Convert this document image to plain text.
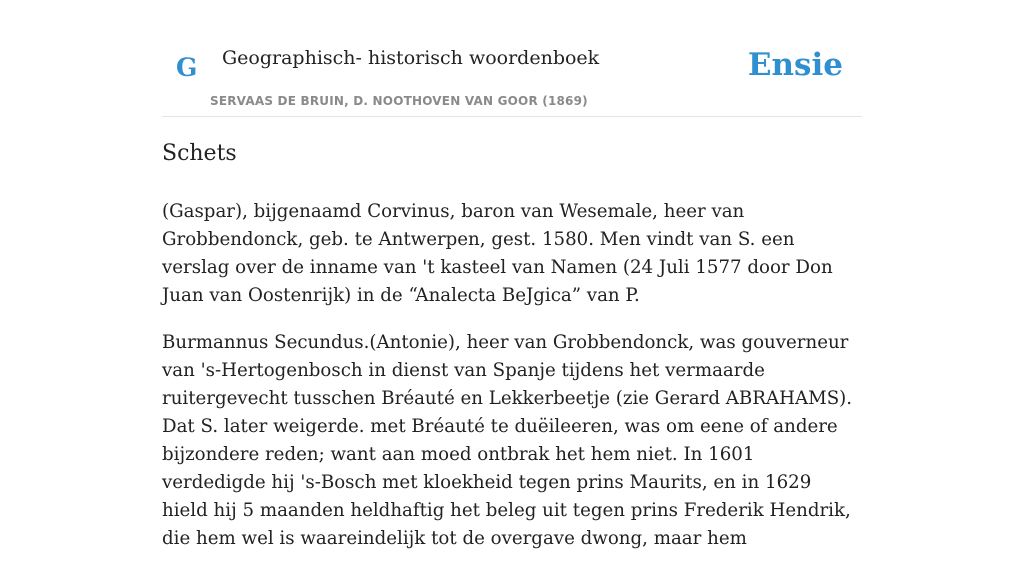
G Geographisch- historisch woordenboek
SERVAAS DE BRUIN, D. NOOTHOVEN VAN GOOR (1869)
Ensie
Schets

(Gaspar), bijgenaamd Corvinus, baron van Wesemale, heer van Grobbendonck, geb. te Antwerpen, gest. 1580. Men vindt van S. een verslag over de inname van 't kasteel van Namen (24 Juli 1577 door Don Juan van Oostenrijk) in de “Analecta BeJgica” van P.

Burmannus Secundus.(Antonie), heer van Grobbendonck, was gouverneur van 's-Hertogenbosch in dienst van Spanje tijdens het vermaarde ruitergevecht tusschen Bréauté en Lekkerbeetje (zie Gerard ABRAHAMS). Dat S. later weigerde. met Bréauté te duëileeren, was om eene of andere bijzondere reden; want aan moed ontbrak het hem niet. In 1601 verdedigde hij 's-Bosch met kloekheid tegen prins Maurits, en in 1629 hield hij 5 maanden heldhaftig het beleg uit tegen prins Frederik Hendrik, die hem wel is waareindelijk tot de overgave dwong, maar hem
